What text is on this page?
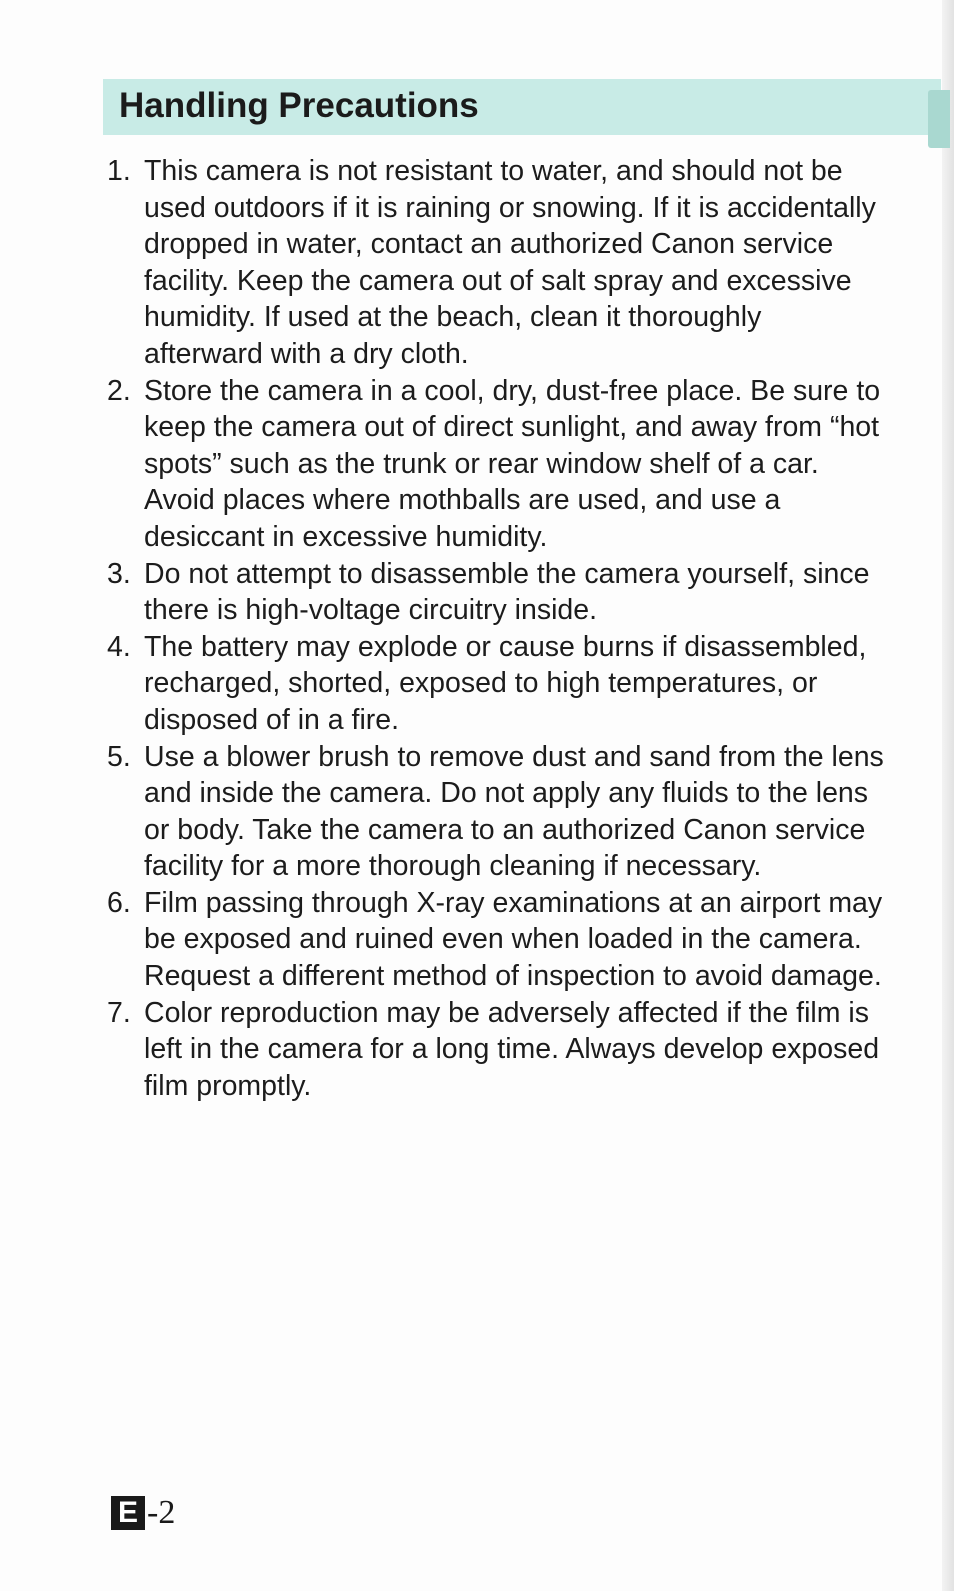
Handling Precautions
1. This camera is not resistant to water, and should not be used outdoors if it is raining or snowing. If it is accidentally dropped in water, contact an authorized Canon service facility. Keep the camera out of salt spray and excessive humidity. If used at the beach, clean it thoroughly afterward with a dry cloth.
2. Store the camera in a cool, dry, dust-free place. Be sure to keep the camera out of direct sunlight, and away from “hot spots” such as the trunk or rear window shelf of a car. Avoid places where mothballs are used, and use a desiccant in excessive humidity.
3. Do not attempt to disassemble the camera yourself, since there is high-voltage circuitry inside.
4. The battery may explode or cause burns if disassembled, recharged, shorted, exposed to high temperatures, or disposed of in a fire.
5. Use a blower brush to remove dust and sand from the lens and inside the camera. Do not apply any fluids to the lens or body. Take the camera to an authorized Canon service facility for a more thorough cleaning if necessary.
6. Film passing through X-ray examinations at an airport may be exposed and ruined even when loaded in the camera. Request a different method of inspection to avoid damage.
7. Color reproduction may be adversely affected if the film is left in the camera for a long time. Always develop exposed film promptly.
E -2
